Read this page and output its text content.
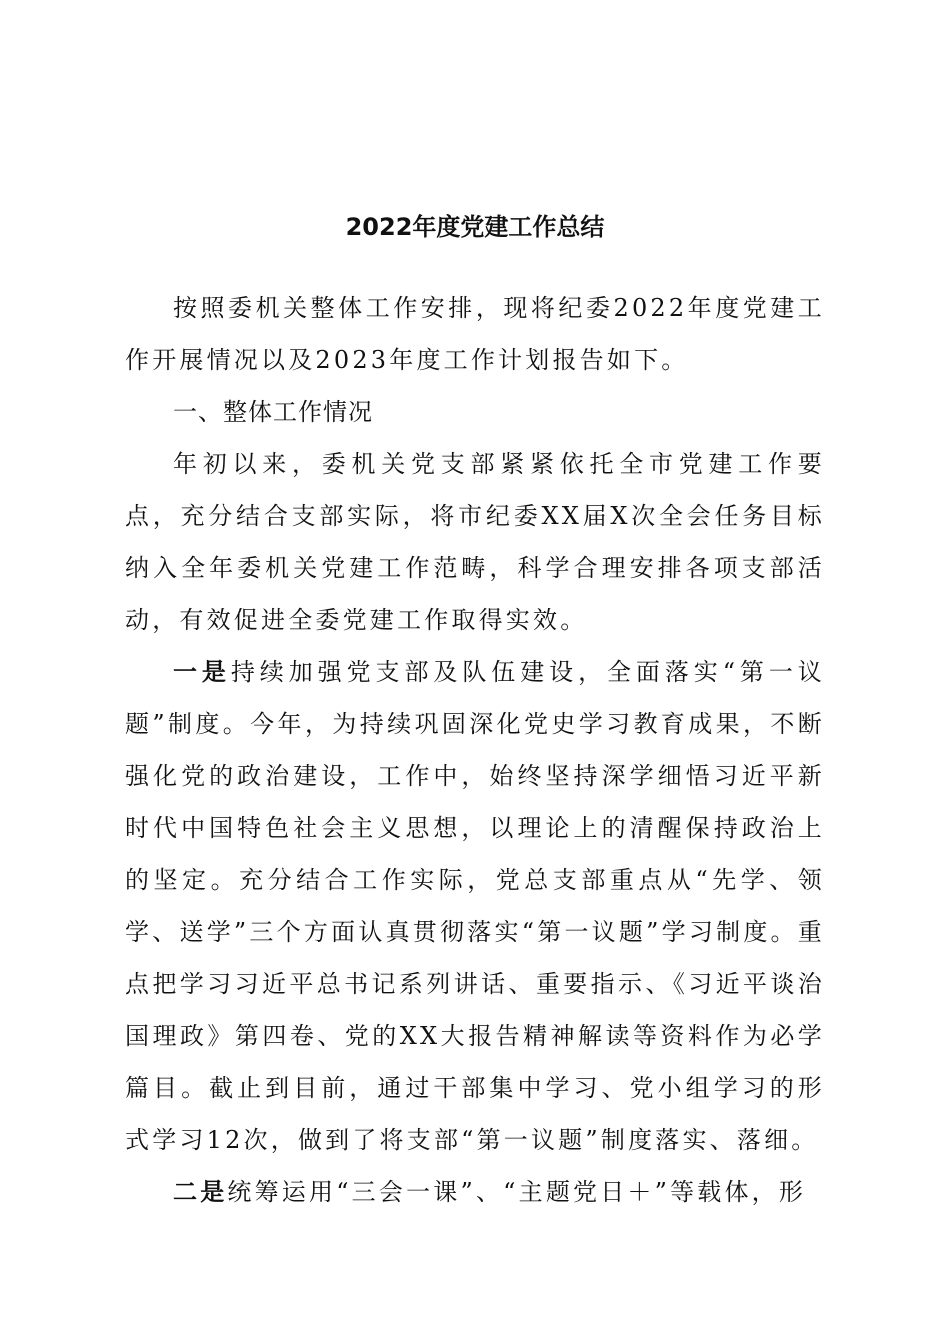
2022年度党建工作总结

按照委机关整体工作安排，现将纪委2022年度党建工作开展情况以及2023年度工作计划报告如下。

一、整体工作情况

年初以来，委机关党支部紧紧依托全市党建工作要点，充分结合支部实际，将市纪委XX届X次全会任务目标纳入全年委机关党建工作范畴，科学合理安排各项支部活动，有效促进全委党建工作取得实效。

一是持续加强党支部及队伍建设，全面落实“第一议题”制度。今年，为持续巩固深化党史学习教育成果，不断强化党的政治建设，工作中，始终坚持深学细悟习近平新时代中国特色社会主义思想，以理论上的清醒保持政治上的坚定。充分结合工作实际，党总支部重点从“先学、领学、送学”三个方面认真贯彻落实“第一议题”学习制度。重点把学习习近平总书记系列讲话、重要指示、《习近平谈治国理政》第四卷、党的XX大报告精神解读等资料作为必学篇目。截止到目前，通过干部集中学习、党小组学习的形式学习12次，做到了将支部“第一议题”制度落实、落细。

二是统筹运用“三会一课”、“主题党日＋”等载体，形
